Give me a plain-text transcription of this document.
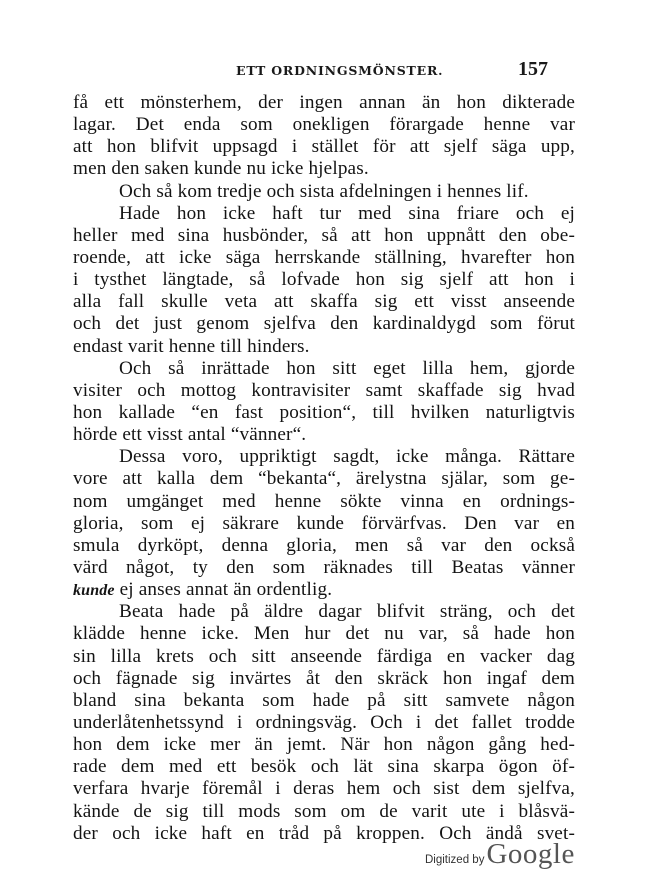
ETT ORDNINGSMÖNSTER.	157
få ett mönsterhem, der ingen annan än hon dikterade
lagar. Det enda som onekligen förargade henne var
att hon blifvit uppsagd i stället för att sjelf säga upp,
men den saken kunde nu icke hjelpas.
Och så kom tredje och sista afdelningen i hennes lif.
Hade hon icke haft tur med sina friare och ej
heller med sina husbönder, så att hon uppnått den obe-
roende, att icke säga herrskande ställning, hvarefter hon
i tysthet längtade, så lofvade hon sig sjelf att hon i
alla fall skulle veta att skaffa sig ett visst anseende
och det just genom sjelfva den kardinaldygd som förut
endast varit henne till hinders.
Och så inrättade hon sitt eget lilla hem, gjorde
visiter och mottog kontravisiter samt skaffade sig hvad
hon kallade “en fast position“, till hvilken naturligtvis
hörde ett visst antal “vänner“.
Dessa voro, uppriktigt sagdt, icke många. Rättare
vore att kalla dem “bekanta“, ärelystna själar, som ge-
nom umgänget med henne sökte vinna en ordnings-
gloria, som ej säkrare kunde förvärfvas. Den var en
smula dyrköpt, denna gloria, men så var den också
värd något, ty den som räknades till Beatas vänner
kunde ej anses annat än ordentlig.
Beata hade på äldre dagar blifvit sträng, och det
klädde henne icke. Men hur det nu var, så hade hon
sin lilla krets och sitt anseende färdiga en vacker dag
och fägnade sig invärtes åt den skräck hon ingaf dem
bland sina bekanta som hade på sitt samvete någon
underlåtenhetssynd i ordningsväg. Och i det fallet trodde
hon dem icke mer än jemt. När hon någon gång hed-
rade dem med ett besök och lät sina skarpa ögon öf-
verfara hvarje föremål i deras hem och sist dem sjelfva,
kände de sig till mods som om de varit ute i blåsvä-
der och icke haft en tråd på kroppen. Och ändå svet-
Digitized by Google
